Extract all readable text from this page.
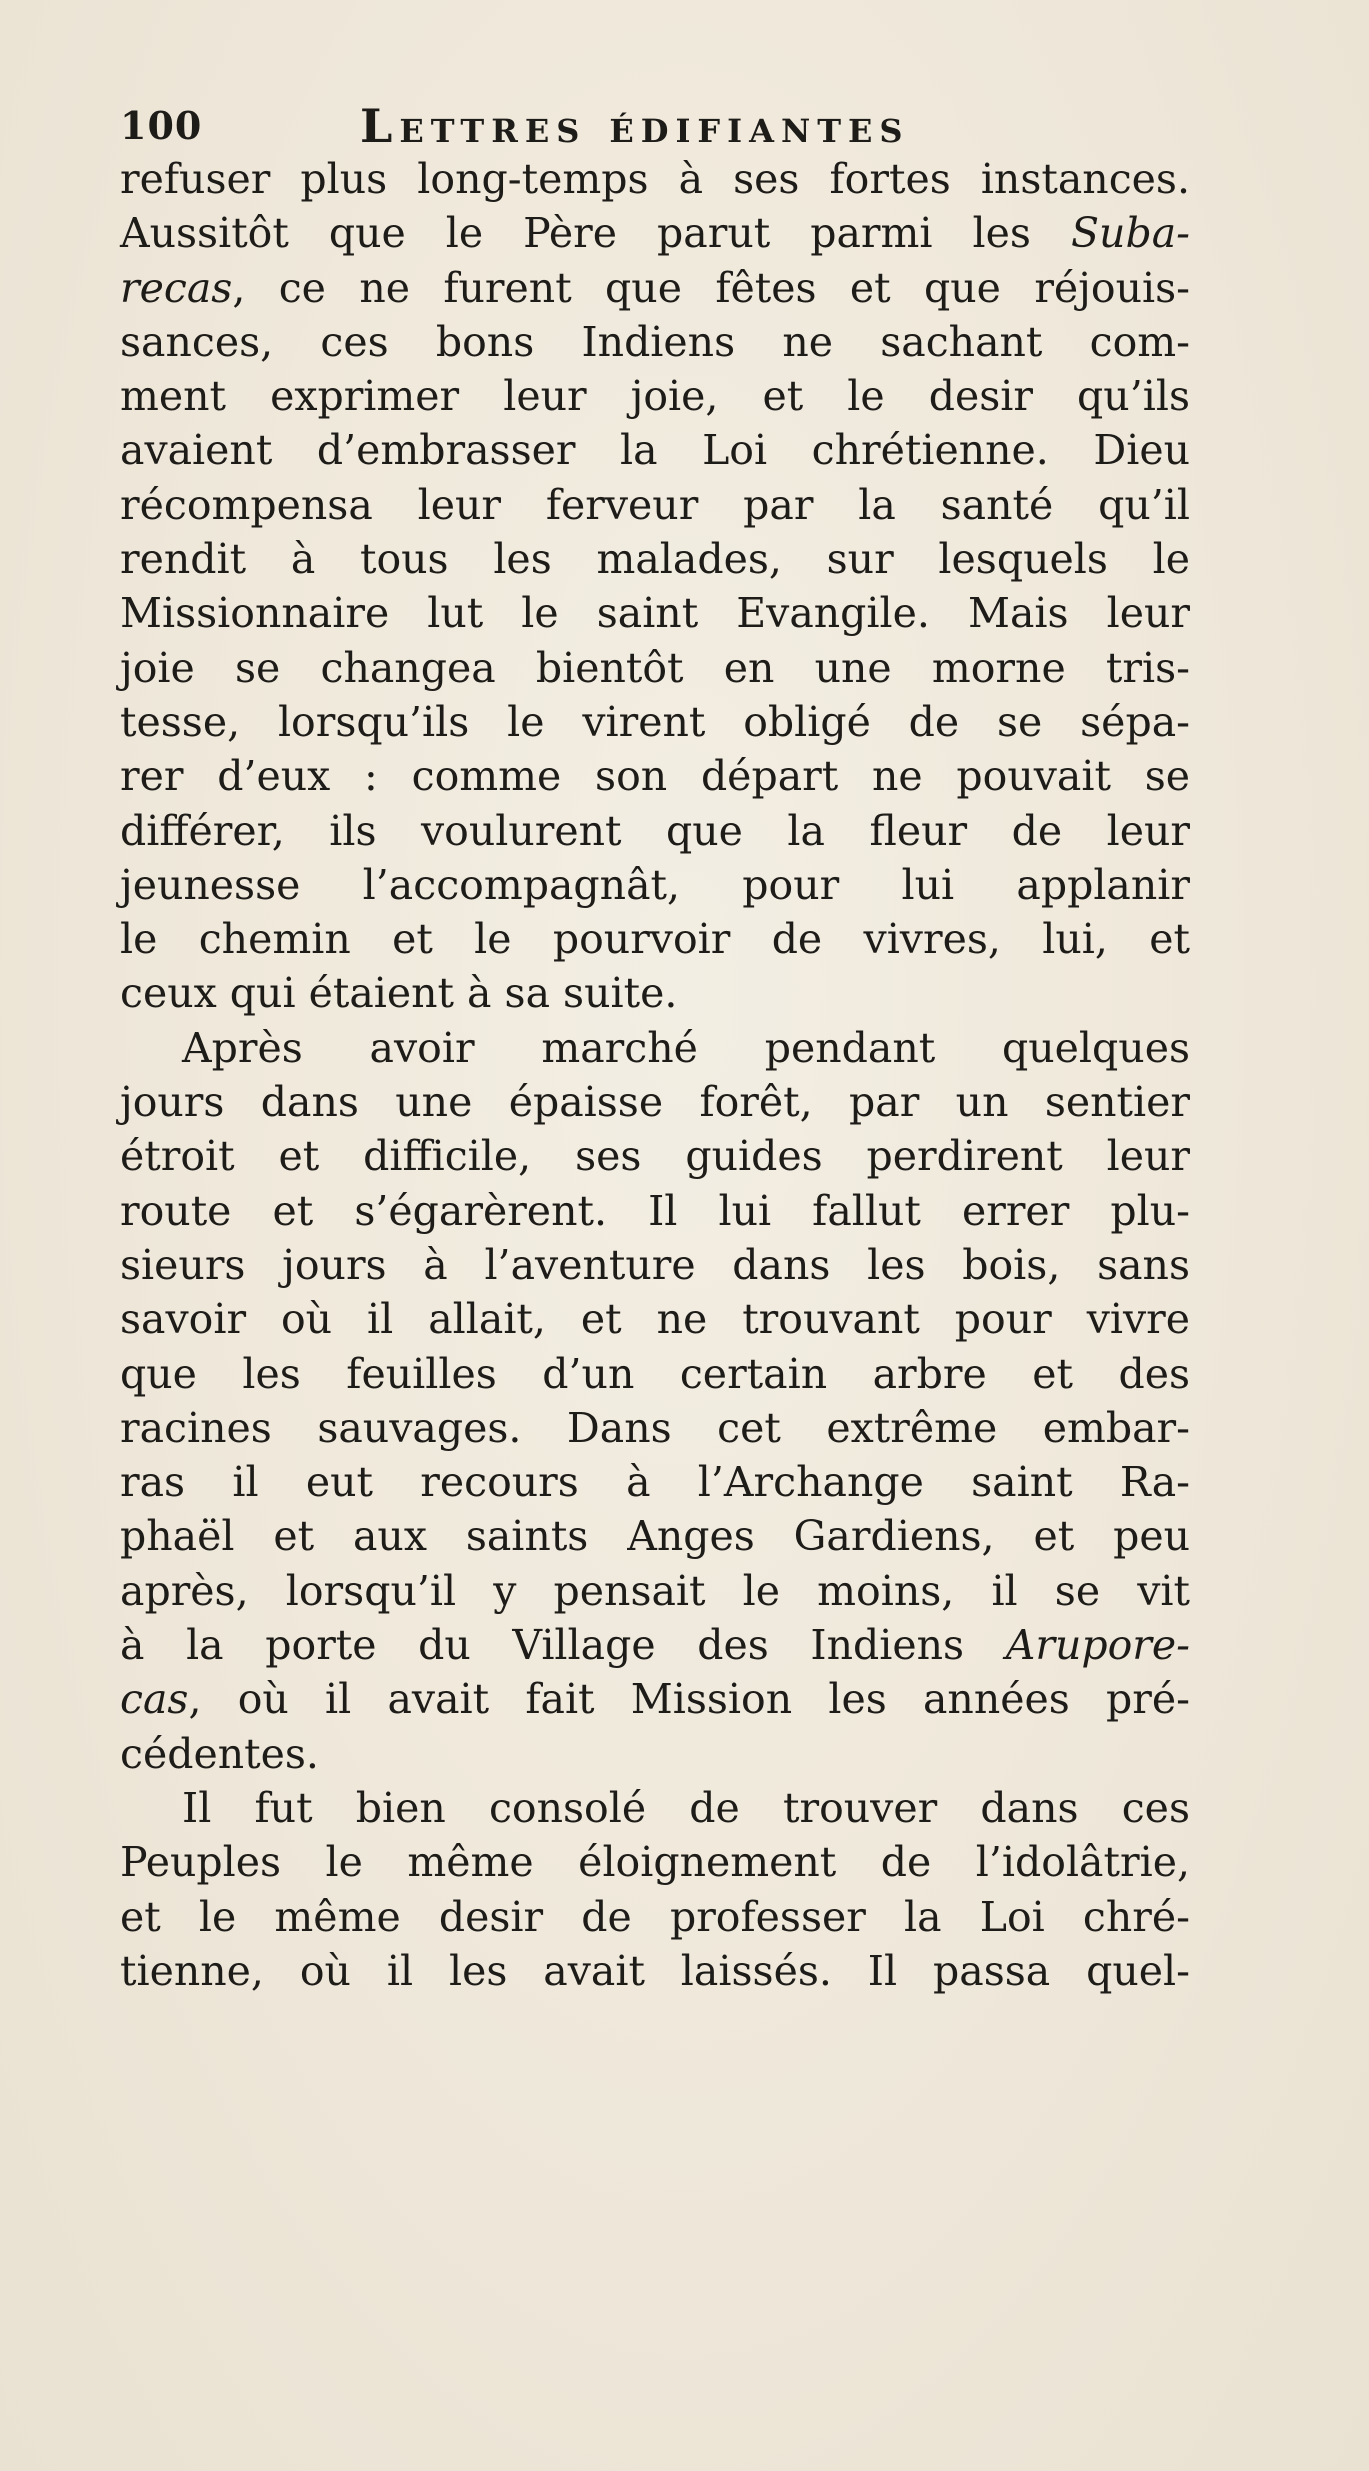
100	Lettres édifiantes
refuser plus long-temps à ses fortes instances.
Aussitôt que le Père parut parmi les Suba-
recas, ce ne furent que fêtes et que réjouis-
sances, ces bons Indiens ne sachant com-
ment exprimer leur joie, et le desir qu’ils
avaient d’embrasser la Loi chrétienne. Dieu
récompensa leur ferveur par la santé qu’il
rendit à tous les malades, sur lesquels le
Missionnaire lut le saint Evangile. Mais leur
joie se changea bientôt en une morne tris-
tesse, lorsqu’ils le virent obligé de se sépa-
rer d’eux : comme son départ ne pouvait se
différer, ils voulurent que la fleur de leur
jeunesse l’accompagnât, pour lui applanir
le chemin et le pourvoir de vivres, lui, et
ceux qui étaient à sa suite.
Après avoir marché pendant quelques
jours dans une épaisse forêt, par un sentier
étroit et difficile, ses guides perdirent leur
route et s’égarèrent. Il lui fallut errer plu-
sieurs jours à l’aventure dans les bois, sans
savoir où il allait, et ne trouvant pour vivre
que les feuilles d’un certain arbre et des
racines sauvages. Dans cet extrême embar-
ras il eut recours à l’Archange saint Ra-
phaël et aux saints Anges Gardiens, et peu
après, lorsqu’il y pensait le moins, il se vit
à la porte du Village des Indiens Arupore-
cas, où il avait fait Mission les années pré-
cédentes.
Il fut bien consolé de trouver dans ces
Peuples le même éloignement de l’idolâtrie,
et le même desir de professer la Loi chré-
tienne, où il les avait laissés. Il passa quel-
